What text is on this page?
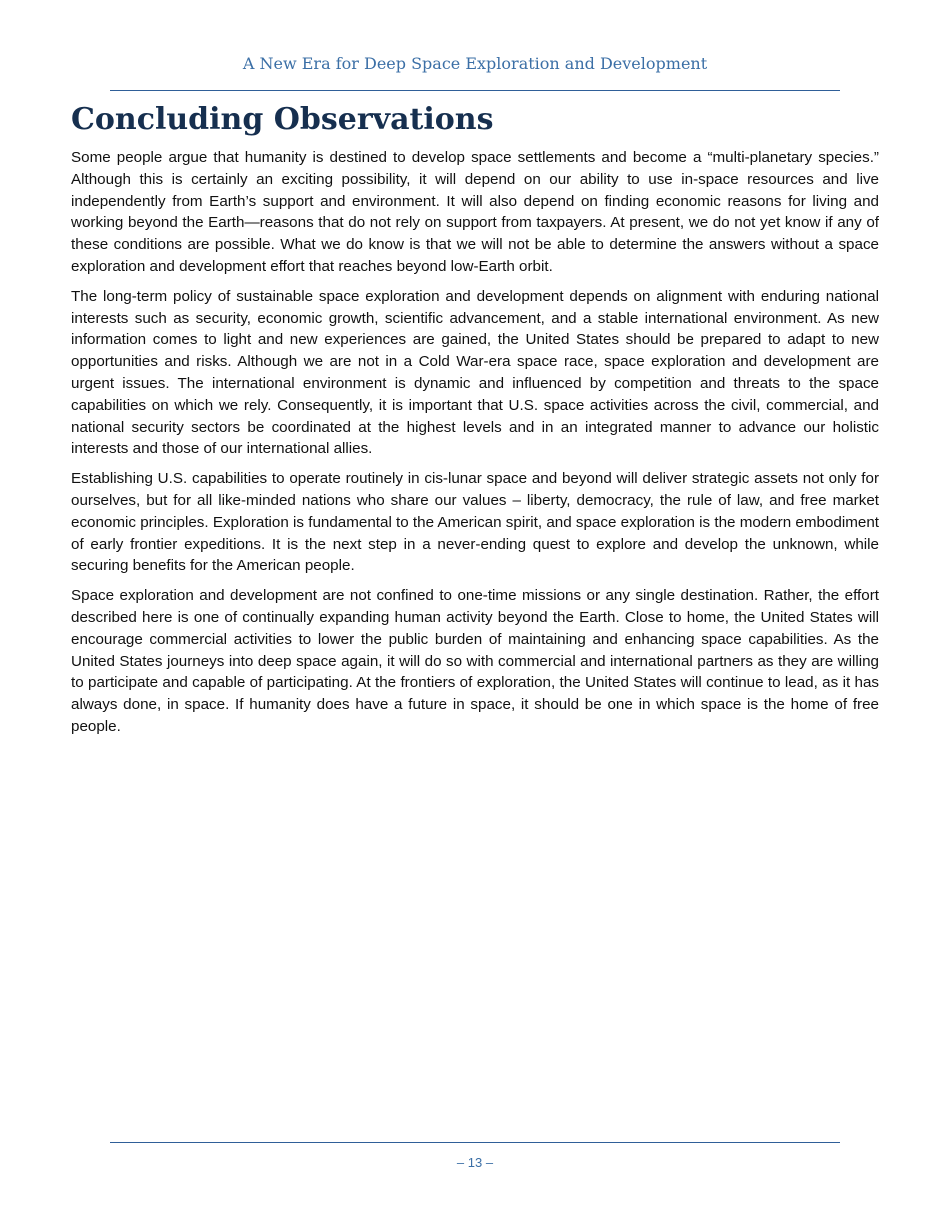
A New Era for Deep Space Exploration and Development
Concluding Observations

Some people argue that humanity is destined to develop space settlements and become a “multi-planetary species.” Although this is certainly an exciting possibility, it will depend on our ability to use in-space resources and live independently from Earth’s support and environment. It will also depend on finding economic reasons for living and working beyond the Earth—reasons that do not rely on support from taxpayers. At present, we do not yet know if any of these conditions are possible. What we do know is that we will not be able to determine the answers without a space exploration and development effort that reaches beyond low-Earth orbit.

The long-term policy of sustainable space exploration and development depends on alignment with enduring national interests such as security, economic growth, scientific advancement, and a stable international environment. As new information comes to light and new experiences are gained, the United States should be prepared to adapt to new opportunities and risks. Although we are not in a Cold War-era space race, space exploration and development are urgent issues. The international environment is dynamic and influenced by competition and threats to the space capabilities on which we rely. Consequently, it is important that U.S. space activities across the civil, commercial, and national security sectors be coordinated at the highest levels and in an integrated manner to advance our holistic interests and those of our international allies.

Establishing U.S. capabilities to operate routinely in cis-lunar space and beyond will deliver strategic assets not only for ourselves, but for all like-minded nations who share our values – liberty, democracy, the rule of law, and free market economic principles. Exploration is fundamental to the American spirit, and space exploration is the modern embodiment of early frontier expeditions. It is the next step in a never-ending quest to explore and develop the unknown, while securing benefits for the American people.

Space exploration and development are not confined to one-time missions or any single destination. Rather, the effort described here is one of continually expanding human activity beyond the Earth. Close to home, the United States will encourage commercial activities to lower the public burden of maintaining and enhancing space capabilities. As the United States journeys into deep space again, it will do so with commercial and international partners as they are willing to participate and capable of participating. At the frontiers of exploration, the United States will continue to lead, as it has always done, in space. If humanity does have a future in space, it should be one in which space is the home of free people.

– 13 –
